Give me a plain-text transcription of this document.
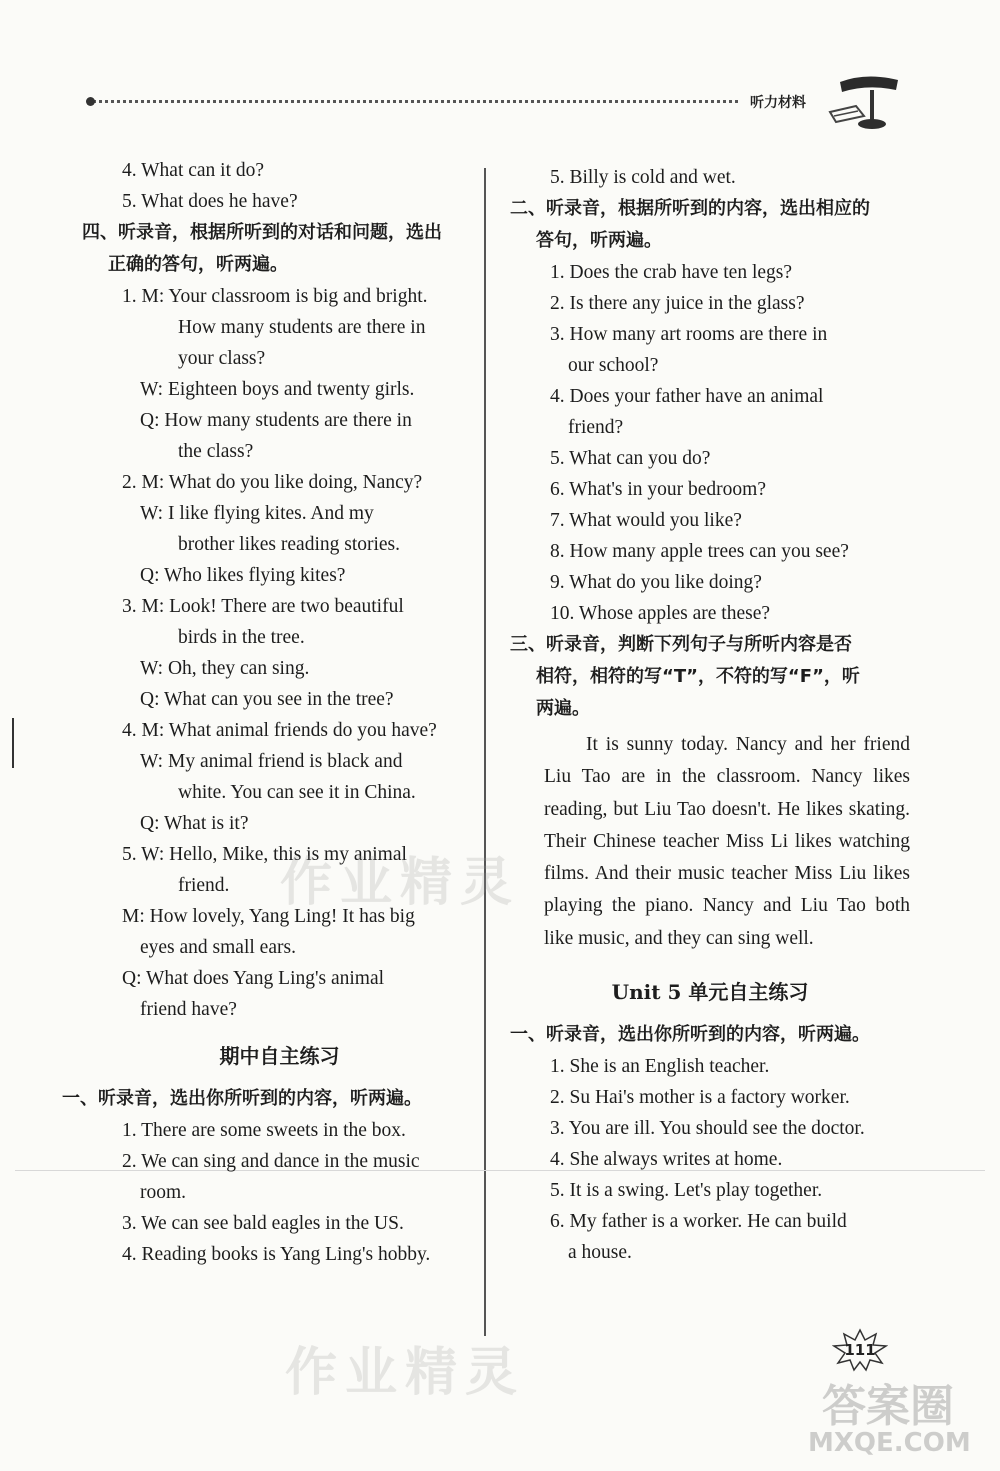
听力材料
4. What can it do?
5. What does he have?
四、听录音，根据所听到的对话和问题，选出
正确的答句，听两遍。
1. M: Your classroom is big and bright.
How many students are there in
your class?
W: Eighteen boys and twenty girls.
Q: How many students are there in
the class?
2. M: What do you like doing, Nancy?
W: I like flying kites. And my
brother likes reading stories.
Q: Who likes flying kites?
3. M: Look! There are two beautiful
birds in the tree.
W: Oh, they can sing.
Q: What can you see in the tree?
4. M: What animal friends do you have?
W: My animal friend is black and
white. You can see it in China.
Q: What is it?
5. W: Hello, Mike, this is my animal
friend.
M: How lovely, Yang Ling! It has big
eyes and small ears.
Q: What does Yang Ling's animal
friend have?
期中自主练习
一、听录音，选出你所听到的内容，听两遍。
1. There are some sweets in the box.
2. We can sing and dance in the music
room.
3. We can see bald eagles in the US.
4. Reading books is Yang Ling's hobby.
5. Billy is cold and wet.
二、听录音，根据所听到的内容，选出相应的
答句，听两遍。
1. Does the crab have ten legs?
2. Is there any juice in the glass?
3. How many art rooms are there in
our school?
4. Does your father have an animal
friend?
5. What can you do?
6. What's in your bedroom?
7. What would you like?
8. How many apple trees can you see?
9. What do you like doing?
10. Whose apples are these?
三、听录音，判断下列句子与所听内容是否
相符，相符的写“T”，不符的写“F”，听
两遍。
It is sunny today. Nancy and her friend Liu Tao are in the classroom. Nancy likes reading, but Liu Tao doesn't. He likes skating. Their Chinese teacher Miss Li likes watching films. And their music teacher Miss Liu likes playing the piano. Nancy and Liu Tao both like music, and they can sing well.
Unit 5 单元自主练习
一、听录音，选出你所听到的内容，听两遍。
1. She is an English teacher.
2. Su Hai's mother is a factory worker.
3. You are ill. You should see the doctor.
4. She always writes at home.
5. It is a swing. Let's play together.
6. My father is a worker. He can build
a house.
作业精灵
作业精灵
答案圈
MXQE.COM
111
